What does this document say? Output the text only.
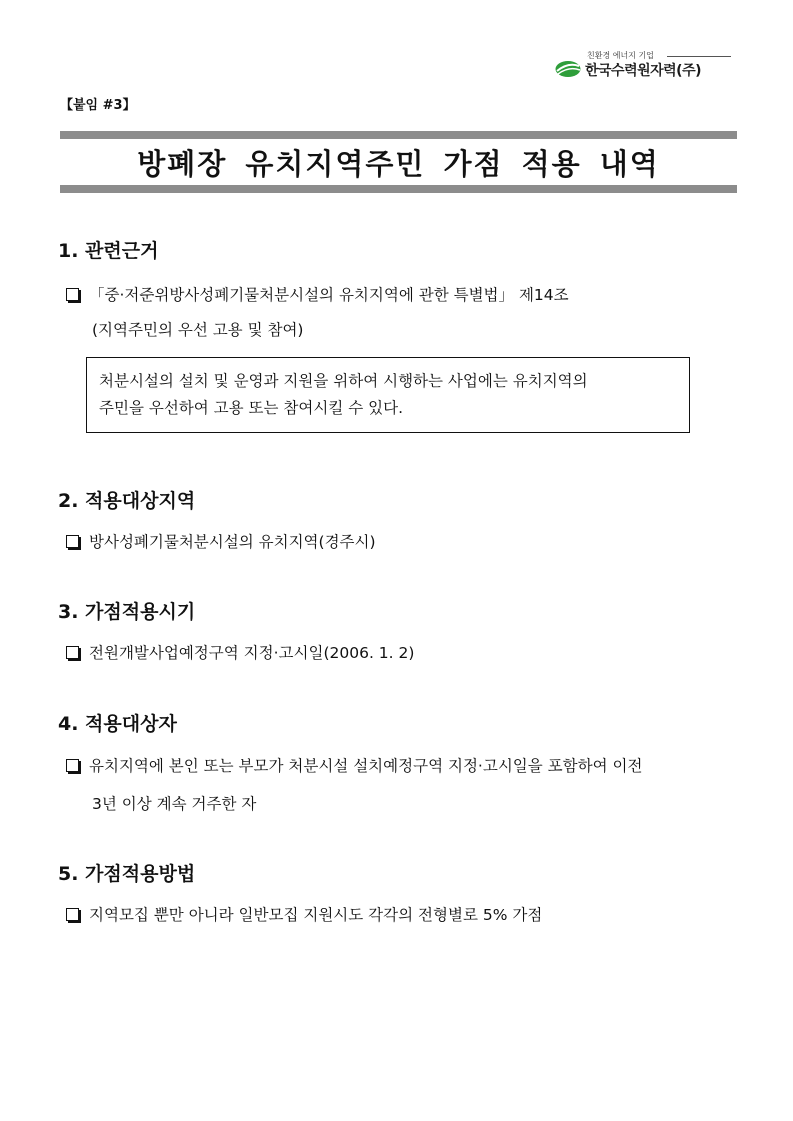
친환경 에너지 기업
한국수력원자력(주)
【붙임 #3】
방폐장 유치지역주민 가점 적용 내역
1. 관련근거
「중·저준위방사성폐기물처분시설의 유치지역에 관한 특별법」 제14조
(지역주민의 우선 고용 및 참여)
처분시설의 설치 및 운영과 지원을 위하여 시행하는 사업에는 유치지역의
주민을 우선하여 고용 또는 참여시킬 수 있다.
2. 적용대상지역
방사성폐기물처분시설의 유치지역(경주시)
3. 가점적용시기
전원개발사업예정구역 지정·고시일(2006. 1. 2)
4. 적용대상자
유치지역에 본인 또는 부모가 처분시설 설치예정구역 지정·고시일을 포함하여 이전
3년 이상 계속 거주한 자
5. 가점적용방법
지역모집 뿐만 아니라 일반모집 지원시도 각각의 전형별로 5% 가점
